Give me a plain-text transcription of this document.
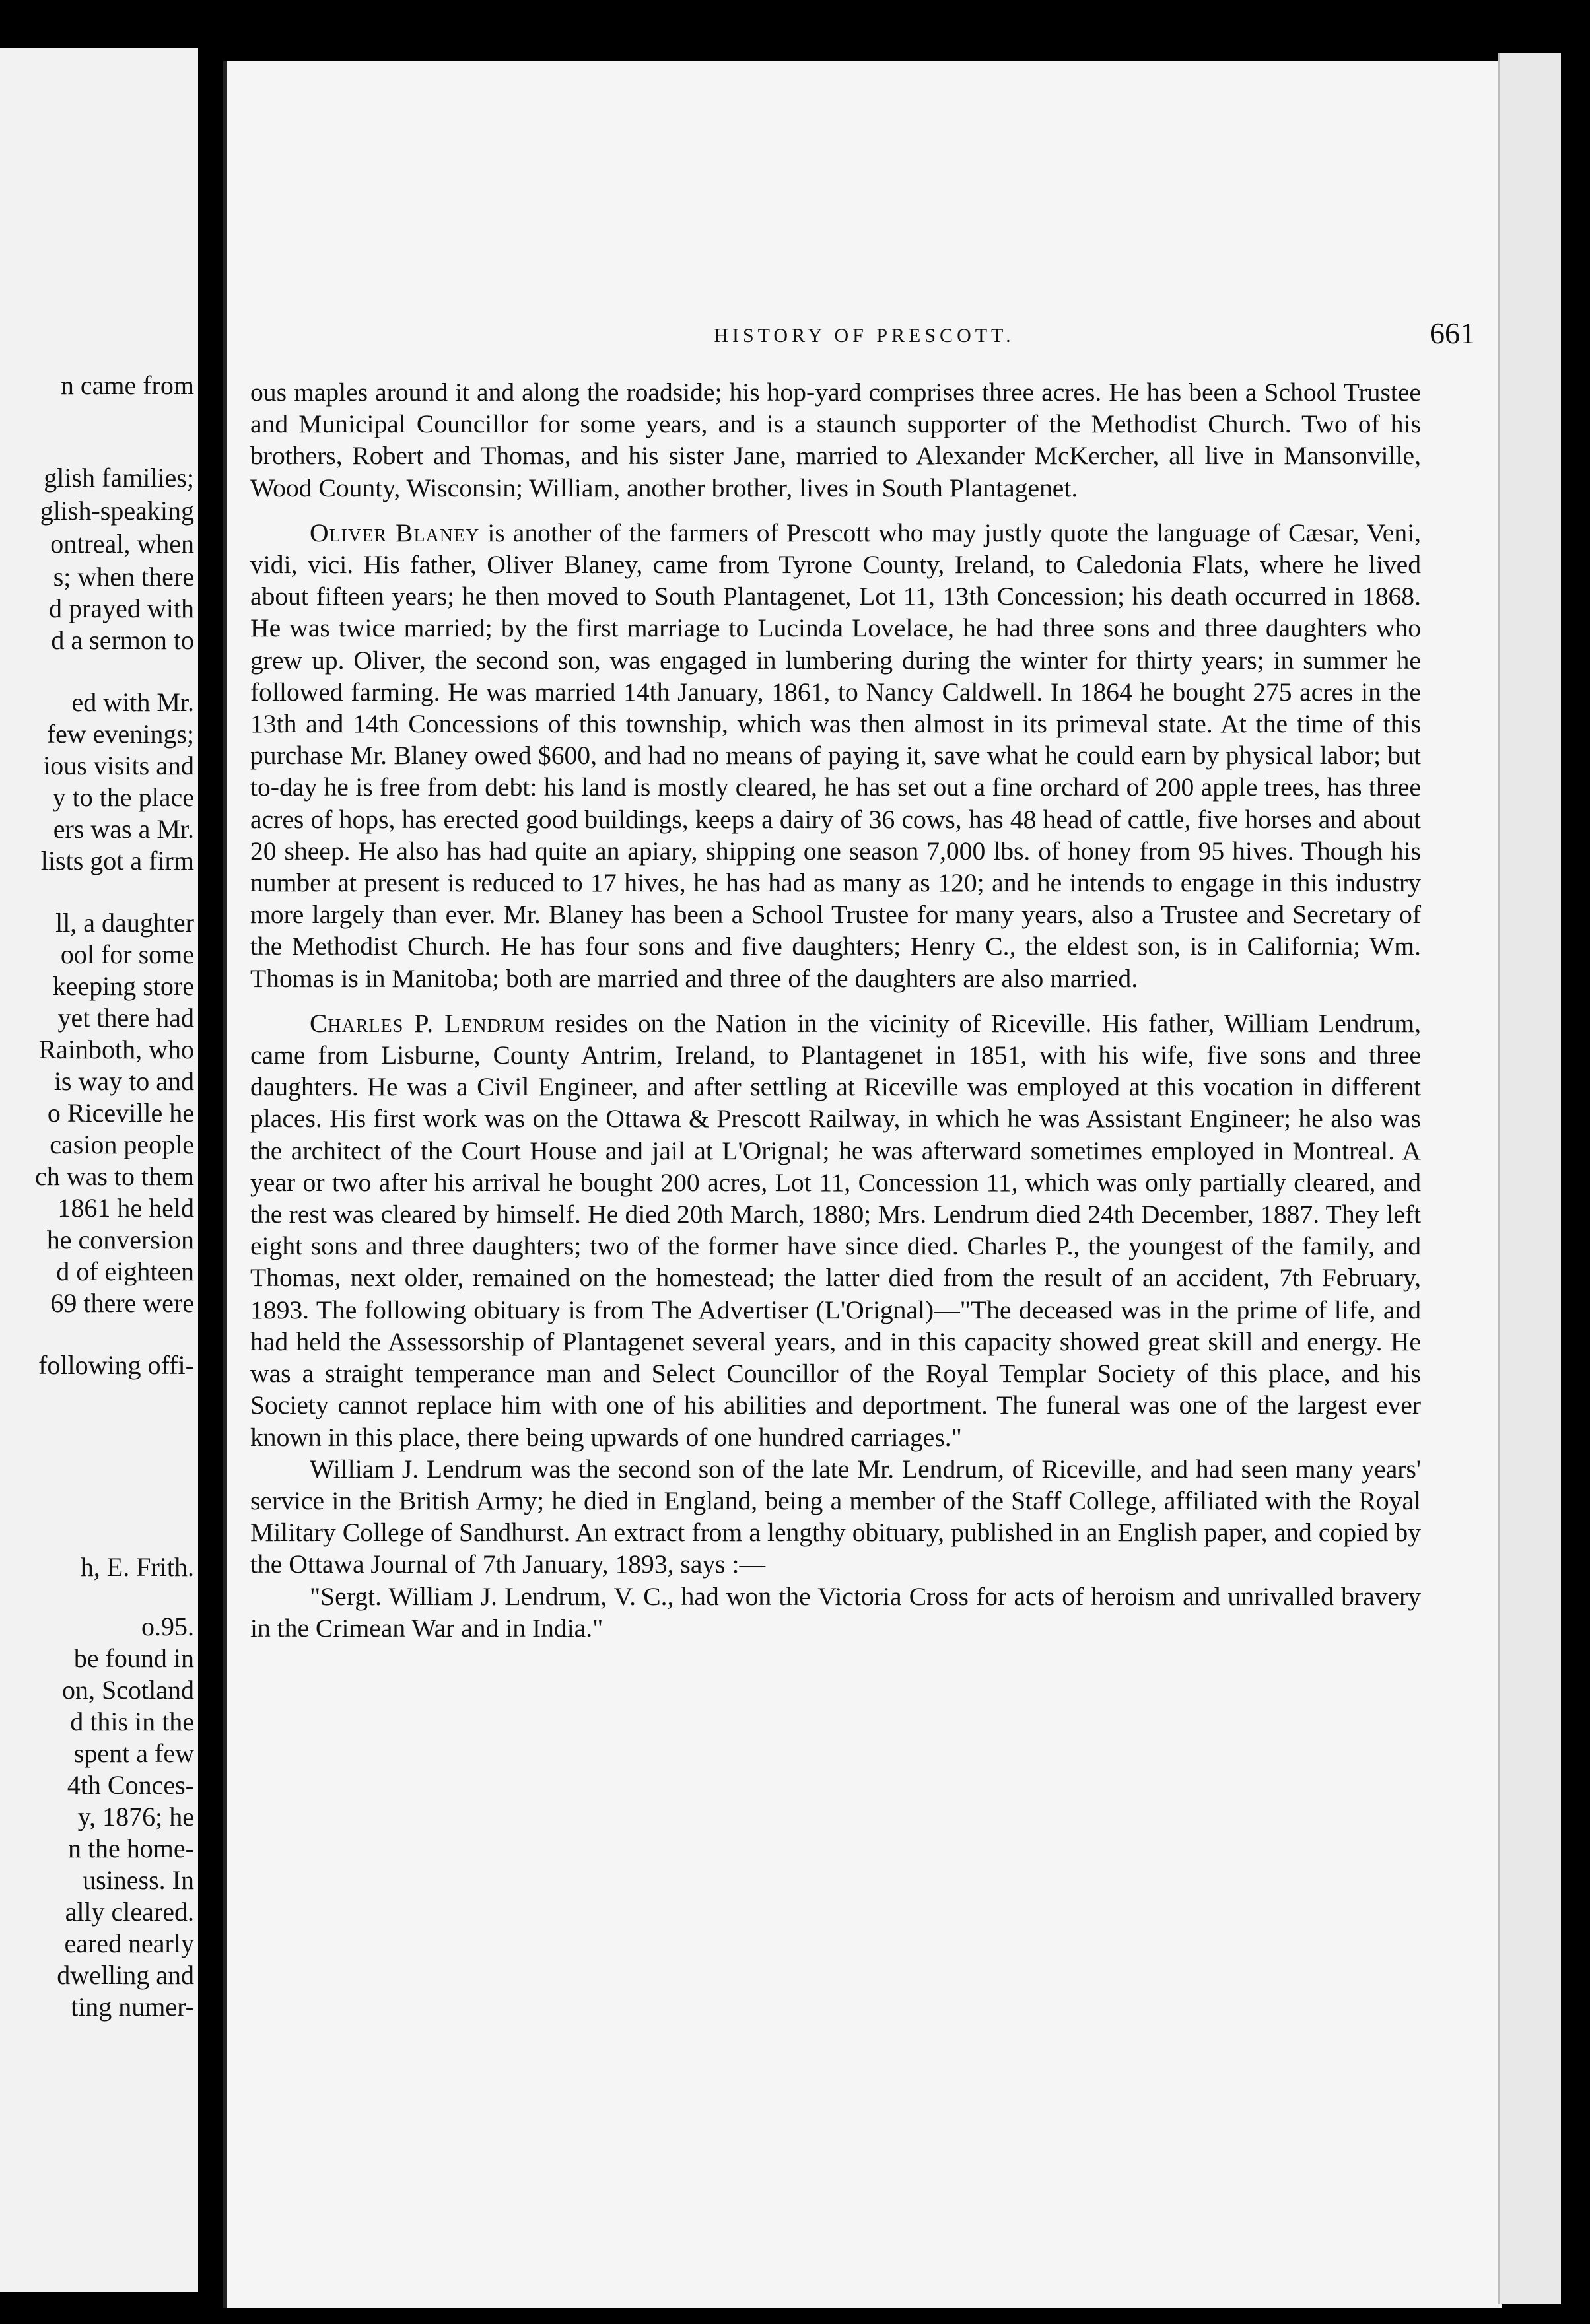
n came from
glish families;
glish-speaking
ontreal, when
s; when there
d prayed with
d a sermon to
ed with Mr.
few evenings;
ious visits and
y to the place
ers was a Mr.
lists got a firm
ll, a daughter
ool for some
keeping store
yet there had
Rainboth, who
is way to and
o Riceville he
casion people
ch was to them
1861 he held
he conversion
d of eighteen
69 there were
following offi-
h, E. Frith.
o.95.
be found in
on, Scotland
d this in the
spent a few
4th Conces-
y, 1876; he
n the home-
usiness. In
ally cleared.
eared nearly
dwelling and
ting numer-
HISTORY OF PRESCOTT.	661

ous maples around it and along the roadside; his hop-yard comprises three acres. He has been a School Trustee and Municipal Councillor for some years, and is a staunch supporter of the Methodist Church. Two of his brothers, Robert and Thomas, and his sister Jane, married to Alexander McKercher, all live in Mansonville, Wood County, Wisconsin; William, another brother, lives in South Plantagenet.

Oliver Blaney is another of the farmers of Prescott who may justly quote the language of Cæsar, Veni, vidi, vici. His father, Oliver Blaney, came from Tyrone County, Ireland, to Caledonia Flats, where he lived about fifteen years; he then moved to South Plantagenet, Lot 11, 13th Concession; his death occurred in 1868. He was twice married; by the first marriage to Lucinda Lovelace, he had three sons and three daughters who grew up. Oliver, the second son, was engaged in lumbering during the winter for thirty years; in summer he followed farming. He was married 14th January, 1861, to Nancy Caldwell. In 1864 he bought 275 acres in the 13th and 14th Concessions of this township, which was then almost in its primeval state. At the time of this purchase Mr. Blaney owed $600, and had no means of paying it, save what he could earn by physical labor; but to-day he is free from debt: his land is mostly cleared, he has set out a fine orchard of 200 apple trees, has three acres of hops, has erected good buildings, keeps a dairy of 36 cows, has 48 head of cattle, five horses and about 20 sheep. He also has had quite an apiary, shipping one season 7,000 lbs. of honey from 95 hives. Though his number at present is reduced to 17 hives, he has had as many as 120; and he intends to engage in this industry more largely than ever. Mr. Blaney has been a School Trustee for many years, also a Trustee and Secretary of the Methodist Church. He has four sons and five daughters; Henry C., the eldest son, is in California; Wm. Thomas is in Manitoba; both are married and three of the daughters are also married.

Charles P. Lendrum resides on the Nation in the vicinity of Riceville. His father, William Lendrum, came from Lisburne, County Antrim, Ireland, to Plantagenet in 1851, with his wife, five sons and three daughters. He was a Civil Engineer, and after settling at Riceville was employed at this vocation in different places. His first work was on the Ottawa & Prescott Railway, in which he was Assistant Engineer; he also was the architect of the Court House and jail at L'Orignal; he was afterward sometimes employed in Montreal. A year or two after his arrival he bought 200 acres, Lot 11, Concession 11, which was only partially cleared, and the rest was cleared by himself. He died 20th March, 1880; Mrs. Lendrum died 24th December, 1887. They left eight sons and three daughters; two of the former have since died. Charles P., the youngest of the family, and Thomas, next older, remained on the homestead; the latter died from the result of an accident, 7th February, 1893. The following obituary is from The Advertiser (L'Orignal)—"The deceased was in the prime of life, and had held the Assessorship of Plantagenet several years, and in this capacity showed great skill and energy. He was a straight temperance man and Select Councillor of the Royal Templar Society of this place, and his Society cannot replace him with one of his abilities and deportment. The funeral was one of the largest ever known in this place, there being upwards of one hundred carriages."

William J. Lendrum was the second son of the late Mr. Lendrum, of Riceville, and had seen many years' service in the British Army; he died in England, being a member of the Staff College, affiliated with the Royal Military College of Sandhurst. An extract from a lengthy obituary, published in an English paper, and copied by the Ottawa Journal of 7th January, 1893, says :—

"Sergt. William J. Lendrum, V. C., had won the Victoria Cross for acts of heroism and unrivalled bravery in the Crimean War and in India."
